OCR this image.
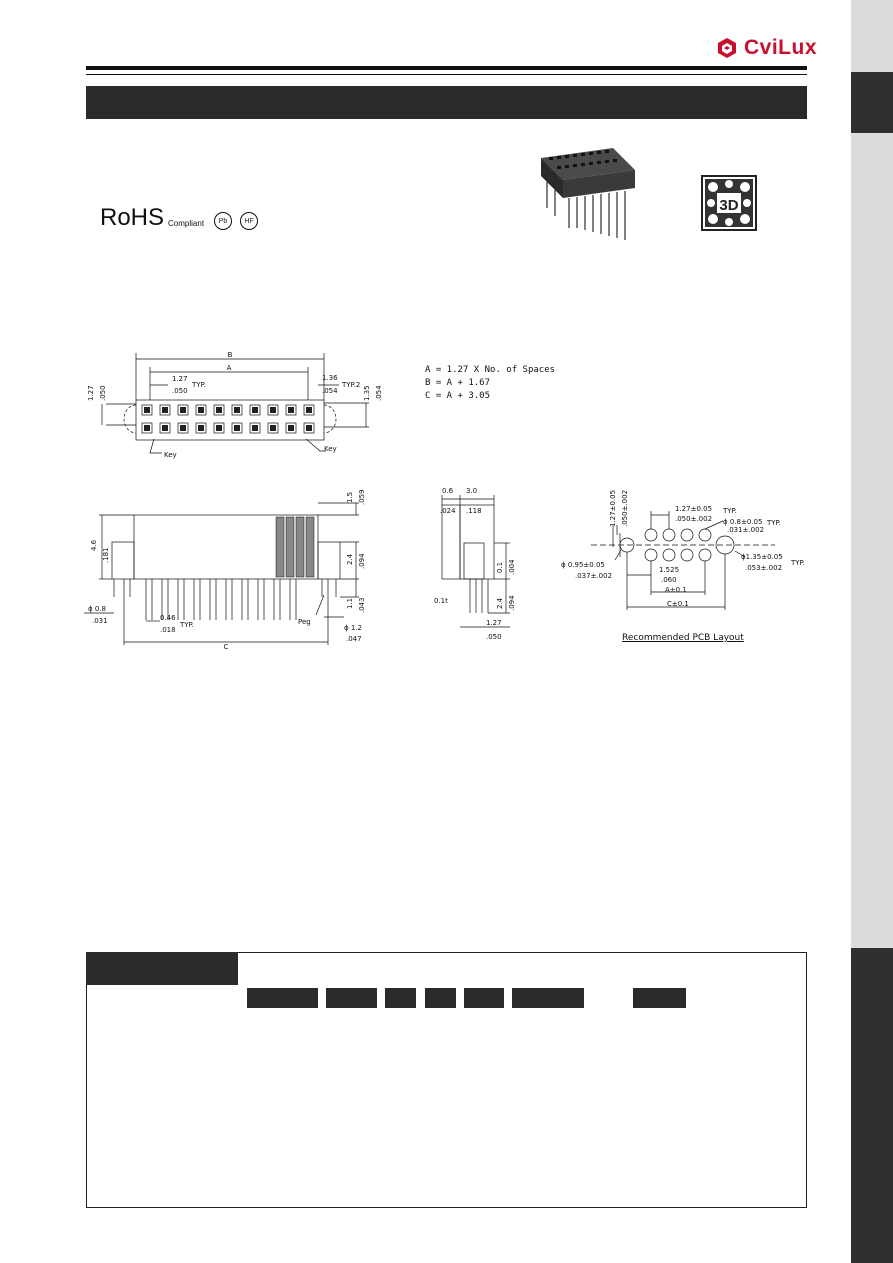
CviLux
RoHS Compliant Pb HF
3D
B
A
1.27
TYP.
.050
1.36
TYP.2
.054
1.27 .050	1.35 .054
Key
Key
A = 1.27 X No. of Spaces
B = A + 1.67
C = A + 3.05
4.6
.181
1.5 .059
2.4 .094
1.1 .043
ϕ 0.8
.031	0.46
TYP.
.018
Peg
ϕ 1.2
.047
C
0.6 3.0
.024 .118
0.1 .004
2.4 .094
0.1t
1.27
.050
1.27±0.05 .050±.002	1.27±0.05 TYP.
.050±.002 ϕ 0.8±0.05 TYP.
.031±.002
ϕ 0.95±0.05
.037±.002
1.525
.060
ϕ1.35±0.05
TYP.
.053±.002
A±0.1
C±0.1
Recommended PCB Layout
